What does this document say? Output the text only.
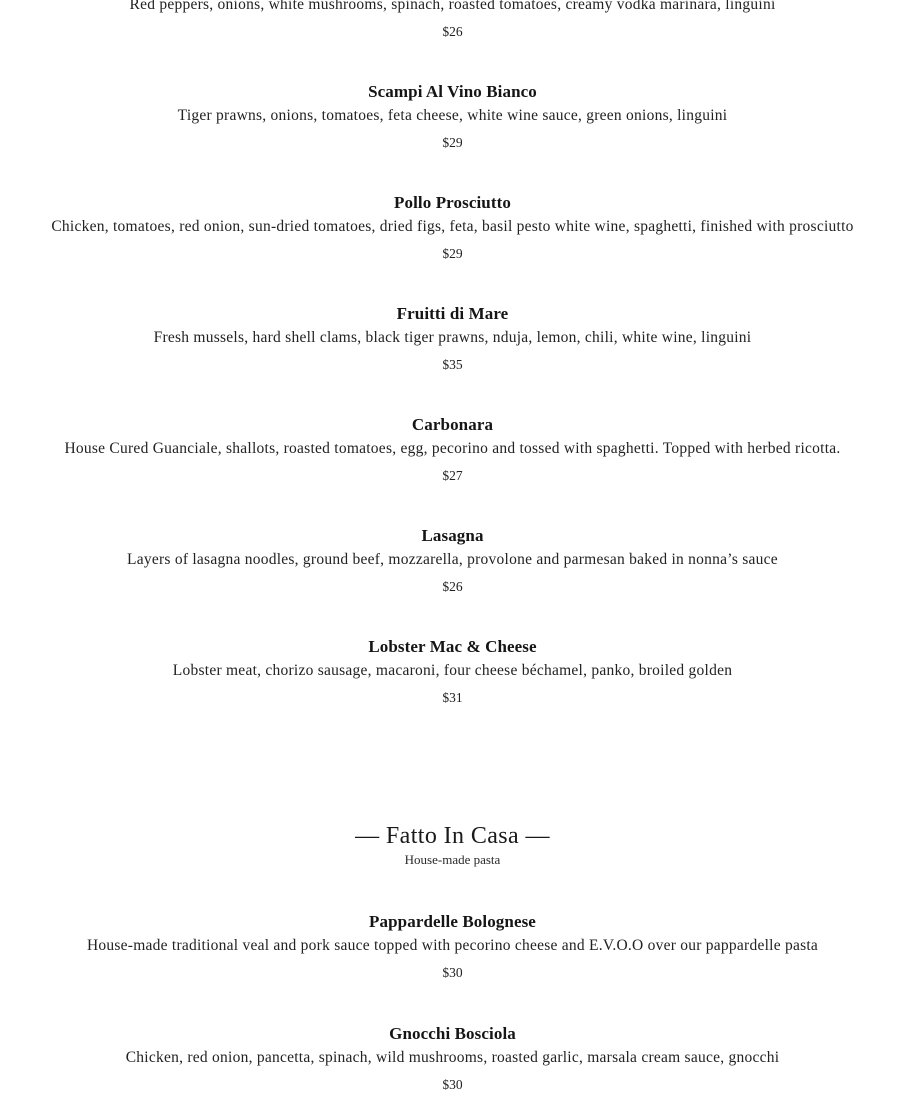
Red peppers, onions, white mushrooms, spinach, roasted tomatoes, creamy vodka marinara, linguini
$26
Scampi Al Vino Bianco
Tiger prawns, onions, tomatoes, feta cheese, white wine sauce, green onions, linguini
$29
Pollo Prosciutto
Chicken, tomatoes, red onion, sun-dried tomatoes, dried figs, feta, basil pesto white wine, spaghetti, finished with prosciutto
$29
Fruitti di Mare
Fresh mussels, hard shell clams, black tiger prawns, nduja, lemon, chili, white wine, linguini
$35
Carbonara
House Cured Guanciale, shallots, roasted tomatoes, egg, pecorino and tossed with spaghetti. Topped with herbed ricotta.
$27
Lasagna
Layers of lasagna noodles, ground beef, mozzarella, provolone and parmesan baked in nonna’s sauce
$26
Lobster Mac & Cheese
Lobster meat, chorizo sausage, macaroni, four cheese béchamel, panko, broiled golden
$31
— Fatto In Casa —
House-made pasta
Pappardelle Bolognese
House-made traditional veal and pork sauce topped with pecorino cheese and E.V.O.O over our pappardelle pasta
$30
Gnocchi Bosciola
Chicken, red onion, pancetta, spinach, wild mushrooms, roasted garlic, marsala cream sauce, gnocchi
$30
